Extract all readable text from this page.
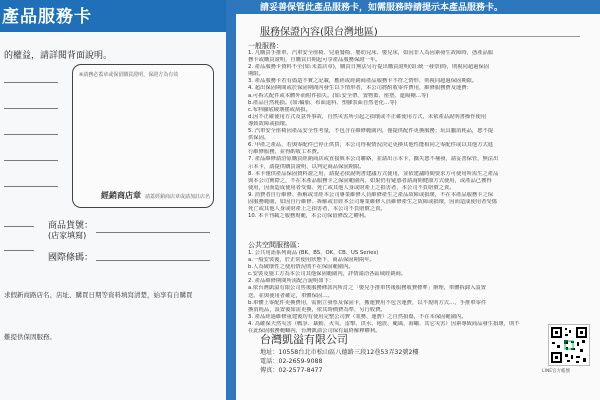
產品服務卡
的權益，請詳閱背面說明。
※請務必蓋章或保留購買證明，保證方為有效
經銷商店章 請蓋經銷商店章或請加註店名
商品貨號：
(店家填寫)
國際條碼：
求假新商路店名、店址、購買日期等資料填寫清楚，始享有自購買
難提供保固服務。
請妥善保管此產品服務卡，如需服務時請提示本產品服務卡。
服務保證內容(限台灣地區)
一般服務：

1. 凡購買手推車、汽車安全座椅、兒童餐椅、嬰幼兒床、嬰兒床，如因非人為因素發生故障時，憑產品服

務卡或購買證明，自購買日期起可享產品服務保證一年。

2. 產品服務卡資料不全(如:未蓋店章)，購買日無法另行提出購買證明(如:統一發票)時，則視同超過保固

期限。

3. 產品服務卡若有偽造不實之記載，應經或經銷商產品服務卡不符之情形，則視同超過保固期限。

4. 超出保固期間或於保固期間內發生以下情形者，本公司將酌收零件費用，維修服務費及運費：

a.可拆式配件或本體外而附件損失。(如:安全帶、置物籃、座墊、遮陽棚…等)

b.產品自然耗損。(如:輪胎、布面退料、塑膠表面自然老化…等)

c.布料腳底破壞搖或刮損。

d.因不正確使用方式及意外事故，自然災害所引起之損壞或不正確使用方式，未依產品說明書操作使用

導致故障或損壞。

5. 汽車安全座椅因產品安全性考量，不包含在維修範圍內，僅提供配件更換服務；玩具屬消耗品，恕不提

供保固。

6. 甲產之產品，若與零配件已停止供貨，本公司得視情況決定更換其他性能相同之零配件或以其他方式進

行維修服務，並得酌收工本費。

7. 產品維修請洽原購買經銷商店或直接與本公司聯絡，並請出示本卡，攜失恕不補發，請妥善保管，無法出

示本卡，請提供購買證明，以判定商品保固期限。

8. 本卡僅供產品保固資料證之用，請提必依說明書建議方式使用，並依建議時間要求方可使用所需生之產品

與本公司實際之，不在本產品服務卡之保固範圍內，如果仍有疑惑者請詢問健康方式使用，或產品已獲得

使用，因而造成使用者受傷、死亡或其他人身或財產上之損害者，本公司不負賠償之責。

9. 消費者自行維修、拆解或非經本公司專業維修人員維修產生之產品故障或損壞，不在本產品服務卡之保

固服務範圍，如因自行維修、拆解或非經本公司專業維修人員維修產生之故障或損壞，因而造成使用者受傷

死亡或其他人身或財產上之損害者，本公司不負賠償之責。

10. 本卡刊載之服務規範，本公司保留修改之權利。

公共空間服務區：

1. 公共用語系列商品 (BK、BS、OK、CB、US Series)

a.一般安裝後，於正常使用狀態下，商品保固期兩年。

b.人為破壞性之使用情況則不在保固範圍內。

c.安裝及施工方為本公司其他保固範圍內，詳情請洽各區域經銷商。

2. 產品維修期間所需配合說明如下：

a.依台灣凱溢有限公司售後服務條款內所訂之「嬰兒手推車售後服務收費標準」辦理，車體拆卸入設置

送，並與使用者確定，車體保固…。

b.車體上零配件更換費用，需開立發票及保固卡，搬運費用不包含運費，以不規則方式…，手推車零件

換消耗品，設置後如需更換，依其時價費為準，另行收費。

3. 產品經過維修重建後均有使用完整公司費（業務、運費）之自然損傷，不在本保固範圍內。

4. 為確保天然災害（戰爭、暴動、火災、雷擊、洪水、地震、颱風、海嘯、其它災害）因素導致商品發生損壞，則不

在此保固服務範疇內，台灣凱溢公司保有最終解釋權利。

台灣凱溢有限公司
地址：10558台北市松山區八德路三段12巷53弄32號2樓
電話：02-2659-9088
傳真：02-2577-8477	LINE官方帳號
